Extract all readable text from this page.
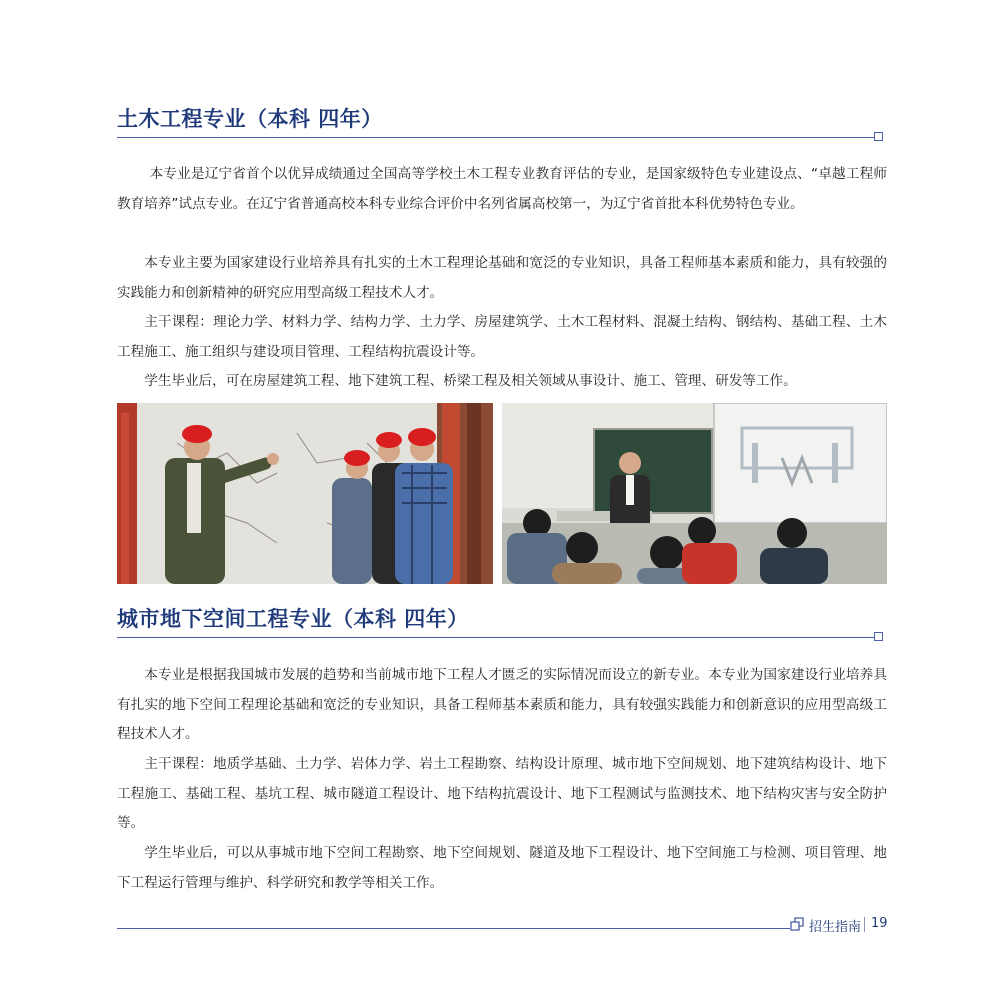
土木工程专业（本科 四年）

本专业是辽宁省首个以优异成绩通过全国高等学校土木工程专业教育评估的专业，是国家级特色专业建设点、“卓越工程师教育培养”试点专业。在辽宁省普通高校本科专业综合评价中名列省属高校第一，为辽宁省首批本科优势特色专业。

本专业主要为国家建设行业培养具有扎实的土木工程理论基础和宽泛的专业知识，具备工程师基本素质和能力，具有较强的实践能力和创新精神的研究应用型高级工程技术人才。

主干课程：理论力学、材料力学、结构力学、土力学、房屋建筑学、土木工程材料、混凝土结构、钢结构、基础工程、土木工程施工、施工组织与建设项目管理、工程结构抗震设计等。

学生毕业后，可在房屋建筑工程、地下建筑工程、桥梁工程及相关领域从事设计、施工、管理、研发等工作。

城市地下空间工程专业（本科 四年）

本专业是根据我国城市发展的趋势和当前城市地下工程人才匮乏的实际情况而设立的新专业。本专业为国家建设行业培养具有扎实的地下空间工程理论基础和宽泛的专业知识，具备工程师基本素质和能力，具有较强实践能力和创新意识的应用型高级工程技术人才。

主干课程：地质学基础、土力学、岩体力学、岩土工程勘察、结构设计原理、城市地下空间规划、地下建筑结构设计、地下工程施工、基础工程、基坑工程、城市隧道工程设计、地下结构抗震设计、地下工程测试与监测技术、地下结构灾害与安全防护等。

学生毕业后，可以从事城市地下空间工程勘察、地下空间规划、隧道及地下工程设计、地下空间施工与检测、项目管理、地下工程运行管理与维护、科学研究和教学等相关工作。

招生指南 19
